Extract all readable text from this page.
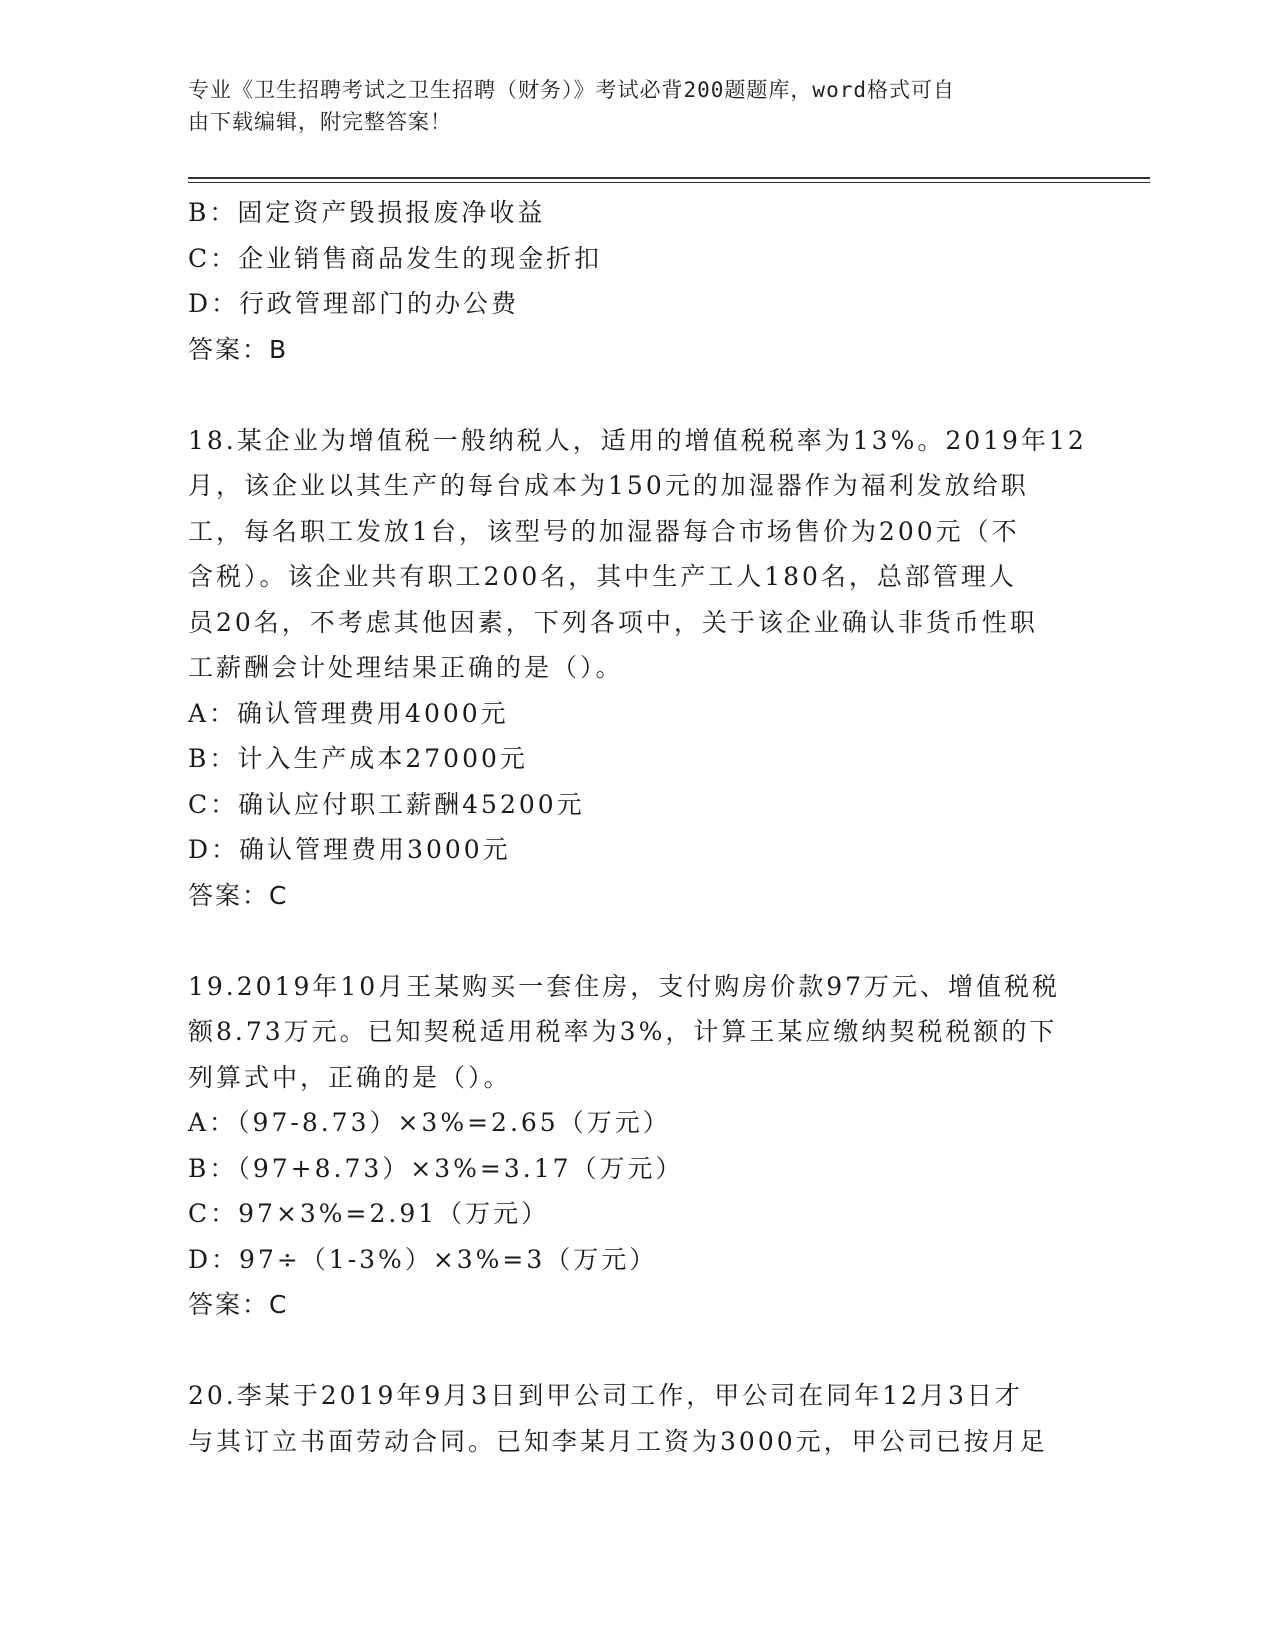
专业《卫生招聘考试之卫生招聘（财务）》考试必背200题题库，word格式可自
由下载编辑，附完整答案！

B：固定资产毁损报废净收益

C：企业销售商品发生的现金折扣

D：行政管理部门的办公费

答案：B

18.某企业为增值税一般纳税人，适用的增值税税率为13%。2019年12

月，该企业以其生产的每台成本为150元的加湿器作为福利发放给职

工，每名职工发放1台，该型号的加湿器每合市场售价为200元（不

含税）。该企业共有职工200名，其中生产工人180名，总部管理人

员20名，不考虑其他因素，下列各项中，关于该企业确认非货币性职

工薪酬会计处理结果正确的是（）。

A：确认管理费用4000元

B：计入生产成本27000元

C：确认应付职工薪酬45200元

D：确认管理费用3000元

答案：C

19.2019年10月王某购买一套住房，支付购房价款97万元、增值税税

额8.73万元。已知契税适用税率为3%，计算王某应缴纳契税税额的下

列算式中，正确的是（）。

A：（97-8.73）×3%=2.65（万元）

B：（97+8.73）×3%=3.17（万元）

C：97×3%=2.91（万元）

D：97÷（1-3%）×3%=3（万元）

答案：C

20.李某于2019年9月3日到甲公司工作，甲公司在同年12月3日才

与其订立书面劳动合同。已知李某月工资为3000元，甲公司已按月足
